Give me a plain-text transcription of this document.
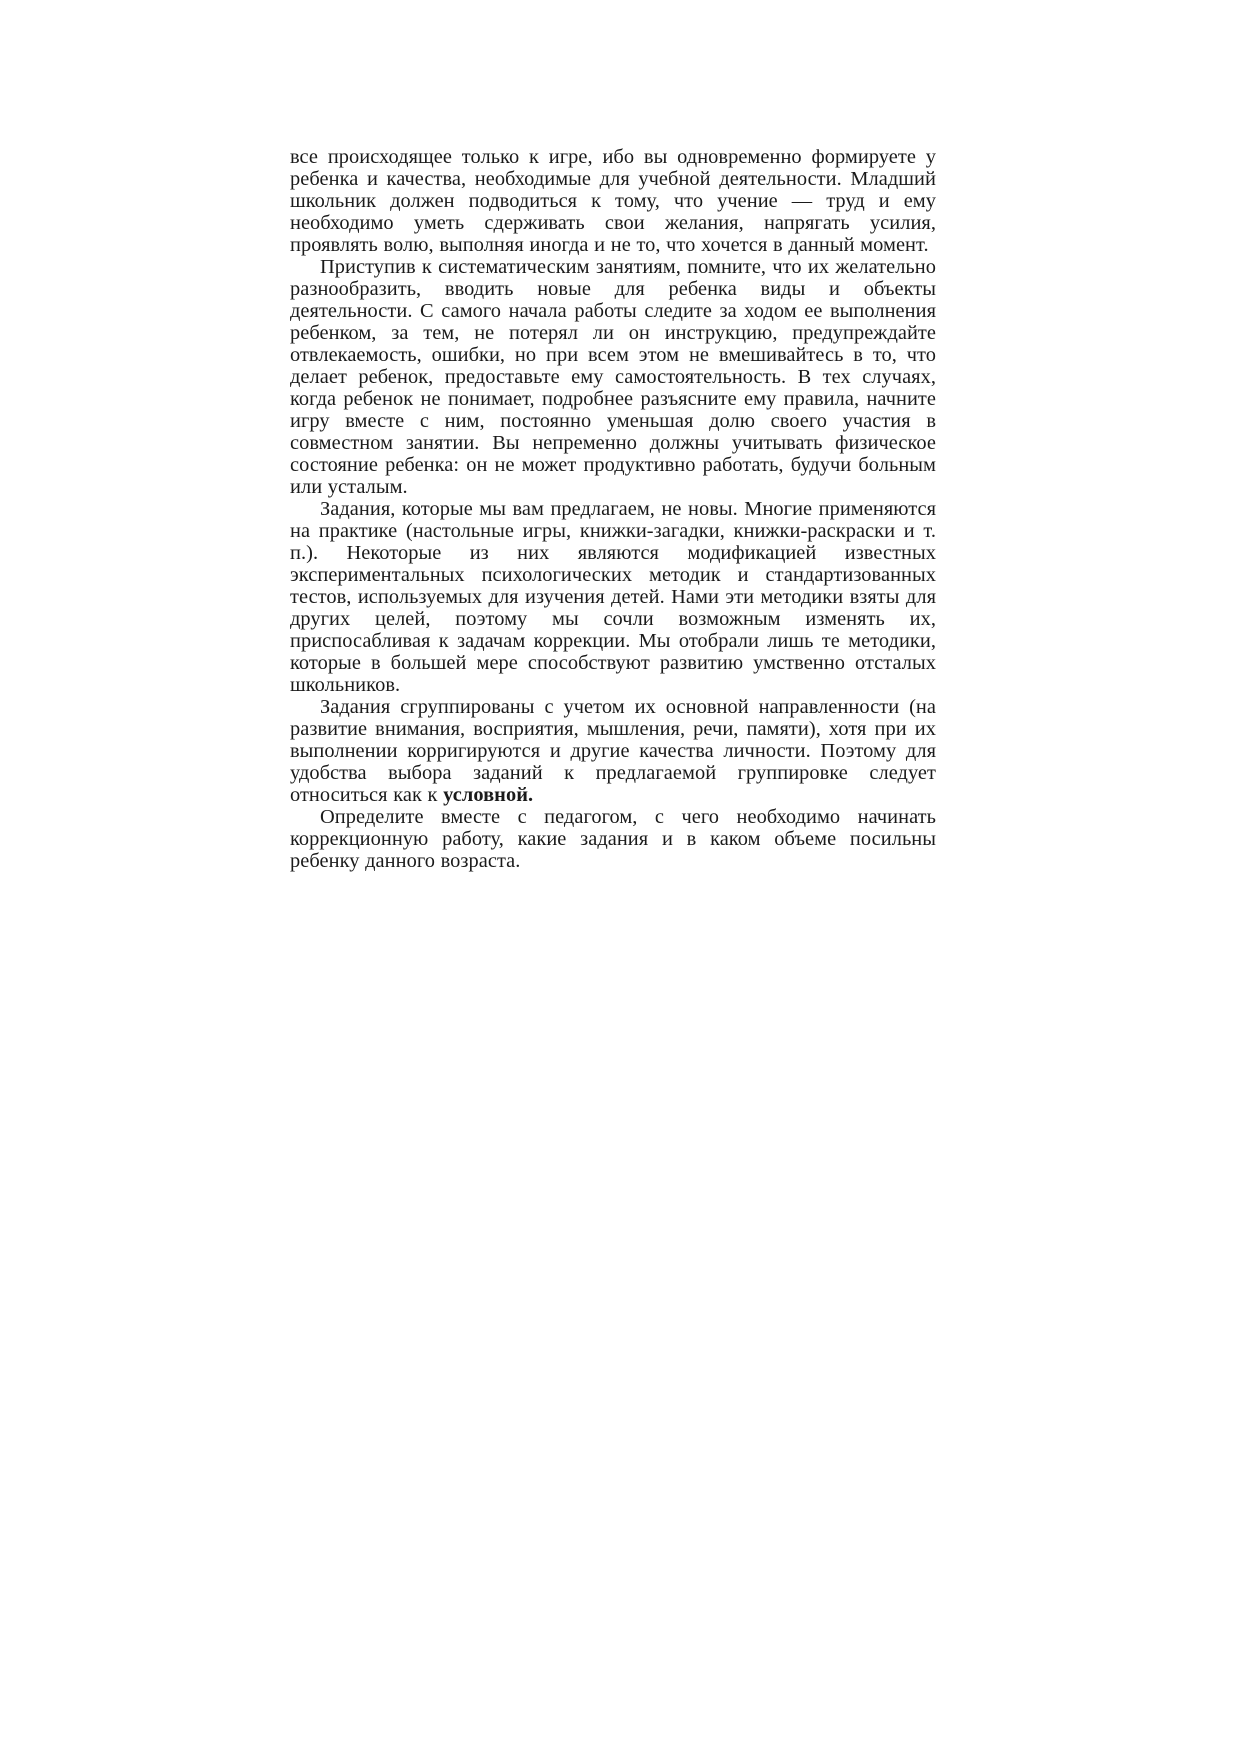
все происходящее только к игре, ибо вы одновременно формируете у ребенка и качества, необходимые для учебной деятельности. Младший школьник должен подводиться к тому, что учение — труд и ему необходимо уметь сдерживать свои желания, напрягать усилия, проявлять волю, выполняя иногда и не то, что хочется в данный момент.

Приступив к систематическим занятиям, помните, что их желательно разнообразить, вводить новые для ребенка виды и объекты деятельности. С самого начала работы следите за ходом ее выполнения ребенком, за тем, не потерял ли он инструкцию, предупреждайте отвлекаемость, ошибки, но при всем этом не вмешивайтесь в то, что делает ребенок, предоставьте ему самостоятельность. В тех случаях, когда ребенок не понимает, подробнее разъясните ему правила, начните игру вместе с ним, постоянно уменьшая долю своего участия в совместном занятии. Вы непременно должны учитывать физическое состояние ребенка: он не может продуктивно работать, будучи больным или усталым.

Задания, которые мы вам предлагаем, не новы. Многие применяются на практике (настольные игры, книжки-загадки, книжки-раскраски и т. п.). Некоторые из них являются модификацией известных экспериментальных психологических методик и стандартизованных тестов, используемых для изучения детей. Нами эти методики взяты для других целей, поэтому мы сочли возможным изменять их, приспосабливая к задачам коррекции. Мы отобрали лишь те методики, которые в большей мере способствуют развитию умственно отсталых школьников.

Задания сгруппированы с учетом их основной направленности (на развитие внимания, восприятия, мышления, речи, памяти), хотя при их выполнении корригируются и другие качества личности. Поэтому для удобства выбора заданий к предлагаемой группировке следует относиться как к условной.

Определите вместе с педагогом, с чего необходимо начинать коррекционную работу, какие задания и в каком объеме посильны ребенку данного возраста.
